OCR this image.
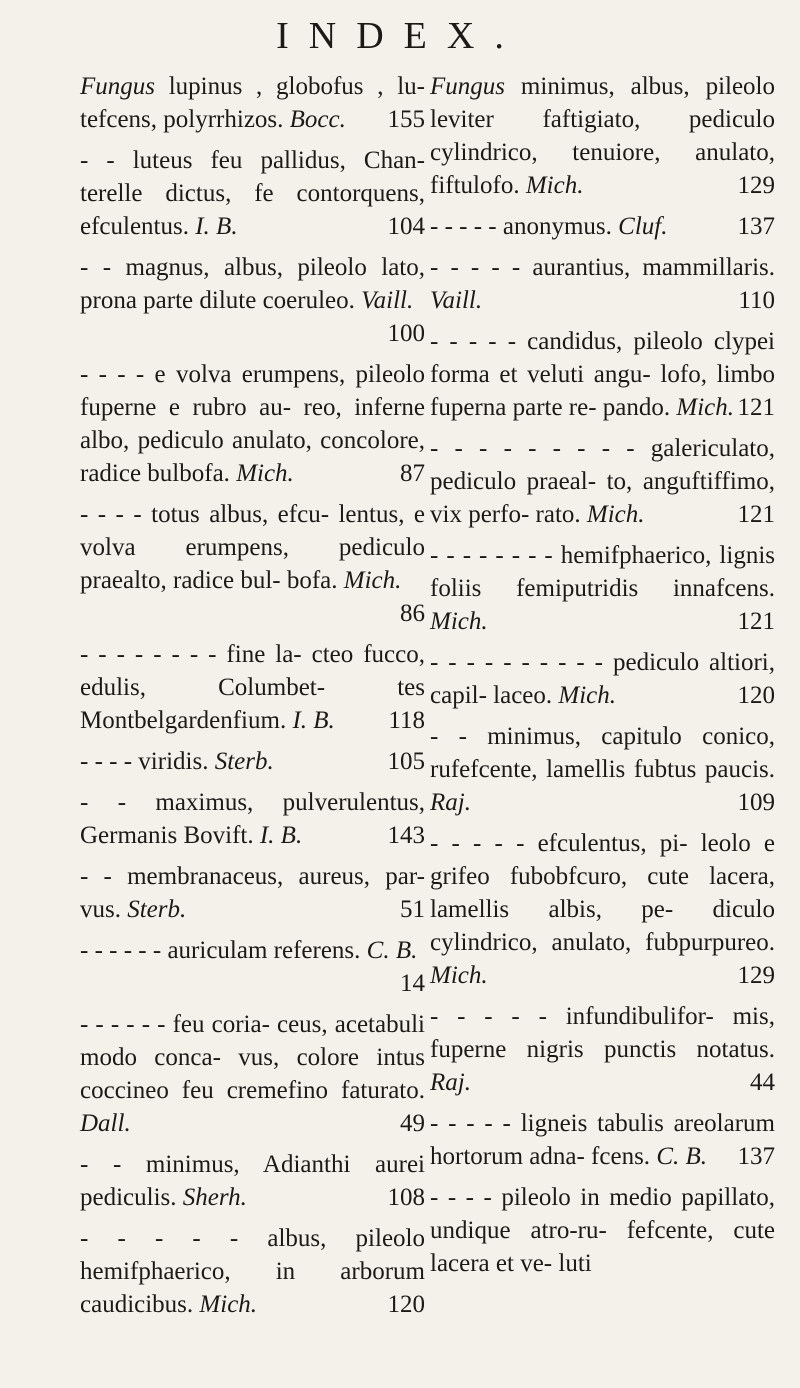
INDEX.

Fungus lupinus , globofus , lu- tefcens, polyrrhizos. Bocc. 155

- - luteus feu pallidus, Chan- terelle dictus, fe contorquens, efculentus. I. B.	104

- - magnus, albus, pileolo lato, prona parte dilute coeruleo. Vaill.
100

- - - - e volva erumpens, pileolo fuperne e rubro au- reo, inferne albo, pediculo anulato, concolore, radice bulbofa. Mich.	87

- - - - totus albus, efcu- lentus, e volva erumpens, pediculo praealto, radice bul- bofa. Mich.
86

- - - - - - - - fine la- cteo fucco, edulis, Columbet- tes Montbelgardenfium. I. B. 118

- - - - viridis. Sterb.	105

- - maximus, pulverulentus, Germanis Bovift. I. B.	143

- - membranaceus, aureus, par- vus. Sterb.	51

- - - - - - auriculam referens. C. B.
14

- - - - - - feu coria- ceus, acetabuli modo conca- vus, colore intus coccineo feu cremefino faturato. Dall.	49

- - minimus, Adianthi aurei pediculis. Sherh.	108

- - - - - albus, pileolo hemifphaerico, in arborum caudicibus. Mich.	120

Fungus minimus, albus, pileolo leviter faftigiato, pediculo cylindrico, tenuiore, anulato, fiftulofo. Mich.	129

- - - - - anonymus. Cluf.	137

- - - - - aurantius, mammillaris. Vaill.	110

- - - - - candidus, pileolo clypei forma et veluti angu- lofo, limbo fuperna parte re- pando. Mich. 121

- - - - - - - - - galericulato, pediculo praeal- to, anguftiffimo, vix perfo- rato. Mich.	121

- - - - - - - - hemifphaerico, lignis foliis femiputridis innafcens. Mich.	121

- - - - - - - - - - pediculo altiori, capil- laceo. Mich.	120

- - minimus, capitulo conico, rufefcente, lamellis fubtus paucis. Raj.	109

- - - - - efculentus, pi- leolo e grifeo fubobfcuro, cute lacera, lamellis albis, pe- diculo cylindrico, anulato, fubpurpureo. Mich.	129

- - - - - infundibulifor- mis, fuperne nigris punctis notatus. Raj.	44

- - - - - ligneis tabulis areolarum hortorum adna- fcens. C. B. 137

- - - - pileolo in medio papillato, undique atro-ru- fefcente, cute lacera et ve- luti
